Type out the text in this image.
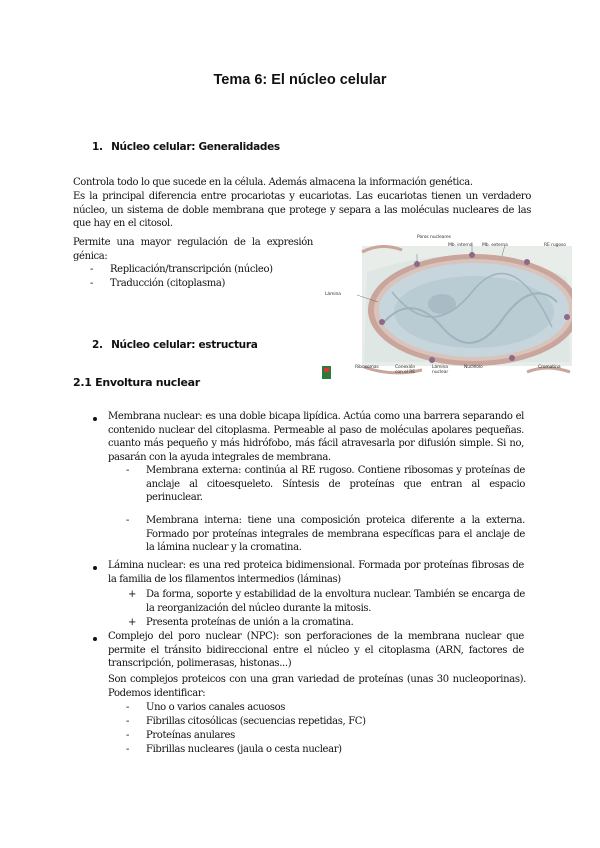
Tema 6: El núcleo celular
1. Núcleo celular: Generalidades
Controla todo lo que sucede en la célula. Además almacena la información genética.
Es la principal diferencia entre procariotas y eucariotas. Las eucariotas tienen un verdadero núcleo, un sistema de doble membrana que protege y separa a las moléculas nucleares de las que hay en el citosol.
Permite una mayor regulación de la expresión génica:
- Replicación/transcripción (núcleo)
- Traducción (citoplasma)
Poros nucleares
Mb. interna Mb. externa	RE rugoso
Lámina
Ribosomas	Conexión con el RE
Lámina nuclear
Nucléolo	Cromatina
2. Núcleo celular: estructura
2.1 Envoltura nuclear
Membrana nuclear: es una doble bicapa lipídica. Actúa como una barrera separando el contenido nuclear del citoplasma. Permeable al paso de moléculas apolares pequeñas. cuanto más pequeño y más hidrófobo, más fácil atravesarla por difusión simple. Si no, pasarán con la ayuda integrales de membrana.
- Membrana externa: continúa al RE rugoso. Contiene ribosomas y proteínas de anclaje al citoesqueleto. Síntesis de proteínas que entran al espacio perinuclear.
- Membrana interna: tiene una composición proteica diferente a la externa. Formado por proteínas integrales de membrana específicas para el anclaje de la lámina nuclear y la cromatina.
Lámina nuclear: es una red proteica bidimensional. Formada por proteínas fibrosas de la familia de los filamentos intermedios (láminas)
+ Da forma, soporte y estabilidad de la envoltura nuclear. También se encarga de la reorganización del núcleo durante la mitosis.
+ Presenta proteínas de unión a la cromatina.
Complejo del poro nuclear (NPC): son perforaciones de la membrana nuclear que permite el tránsito bidireccional entre el núcleo y el citoplasma (ARN, factores de transcripción, polimerasas, histonas...)
Son complejos proteicos con una gran variedad de proteínas (unas 30 nucleoporinas). Podemos identificar:
- Uno o varios canales acuosos
- Fibrillas citosólicas (secuencias repetidas, FC)
- Proteínas anulares
- Fibrillas nucleares (jaula o cesta nuclear)
